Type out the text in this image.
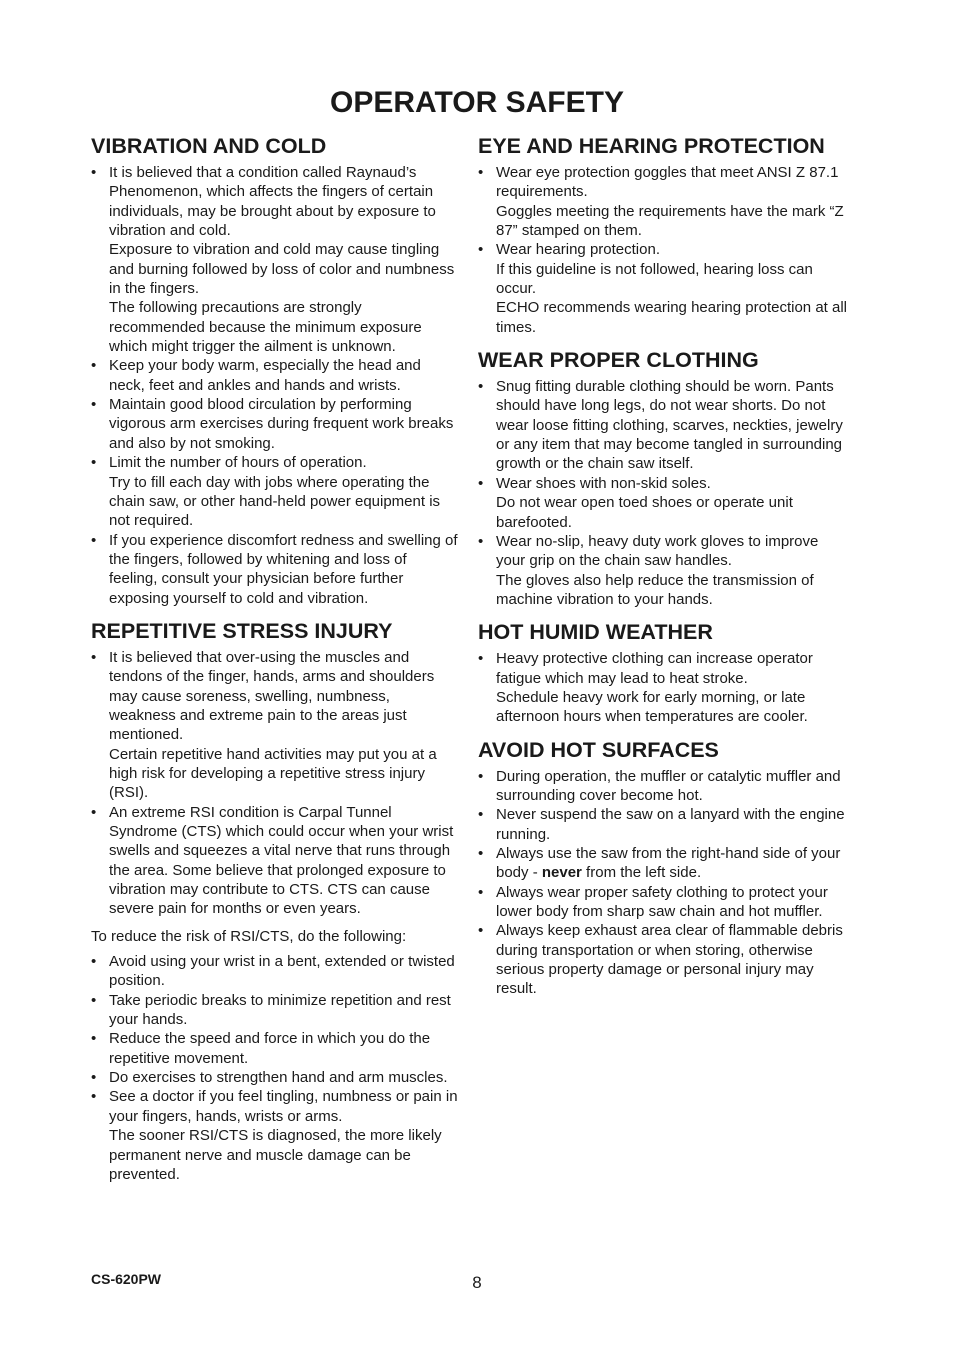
OPERATOR SAFETY
VIBRATION AND COLD
• It is believed that a condition called Raynaud’s Phenomenon, which affects the fingers of certain individuals, may be brought about by exposure to vibration and cold.
Exposure to vibration and cold may cause tingling and burning followed by loss of color and numbness in the fingers.
The following precautions are strongly recommended because the minimum exposure which might trigger the ailment is unknown.
• Keep your body warm, especially the head and neck, feet and ankles and hands and wrists.
• Maintain good blood circulation by performing vigorous arm exercises during frequent work breaks and also by not smoking.
• Limit the number of hours of operation.
Try to fill each day with jobs where operating the chain saw, or other hand-held power equipment is not required.
• If you experience discomfort redness and swelling of the fingers, followed by whitening and loss of feeling, consult your physician before further exposing yourself to cold and vibration.
REPETITIVE STRESS INJURY
• It is believed that over-using the muscles and tendons of the finger, hands, arms and shoulders may cause soreness, swelling, numbness, weakness and extreme pain to the areas just mentioned.
Certain repetitive hand activities may put you at a high risk for developing a repetitive stress injury (RSI).
• An extreme RSI condition is Carpal Tunnel Syndrome (CTS) which could occur when your wrist swells and squeezes a vital nerve that runs through the area. Some believe that prolonged exposure to vibration may contribute to CTS. CTS can cause severe pain for months or even years.

To reduce the risk of RSI/CTS, do the following:

• Avoid using your wrist in a bent, extended or twisted position.
• Take periodic breaks to minimize repetition and rest your hands.
• Reduce the speed and force in which you do the repetitive movement.
• Do exercises to strengthen hand and arm muscles.
• See a doctor if you feel tingling, numbness or pain in your fingers, hands, wrists or arms.
The sooner RSI/CTS is diagnosed, the more likely permanent nerve and muscle damage can be prevented.
EYE AND HEARING PROTECTION
• Wear eye protection goggles that meet ANSI Z 87.1 requirements.
Goggles meeting the requirements have the mark “Z 87” stamped on them.
• Wear hearing protection.
If this guideline is not followed, hearing loss can occur.
ECHO recommends wearing hearing protection at all times.
WEAR PROPER CLOTHING
• Snug fitting durable clothing should be worn. Pants should have long legs, do not wear shorts. Do not wear loose fitting clothing, scarves, neckties, jewelry or any item that may become tangled in surrounding growth or the chain saw itself.
• Wear shoes with non-skid soles.
Do not wear open toed shoes or operate unit barefooted.
• Wear no-slip, heavy duty work gloves to improve your grip on the chain saw handles.
The gloves also help reduce the transmission of machine vibration to your hands.
HOT HUMID WEATHER
• Heavy protective clothing can increase operator fatigue which may lead to heat stroke.
Schedule heavy work for early morning, or late afternoon hours when temperatures are cooler.
AVOID HOT SURFACES
• During operation, the muffler or catalytic muffler and surrounding cover become hot.
• Never suspend the saw on a lanyard with the engine running.
• Always use the saw from the right-hand side of your body - never from the left side.
• Always wear proper safety clothing to protect your lower body from sharp saw chain and hot muffler.
• Always keep exhaust area clear of flammable debris during transportation or when storing, otherwise serious property damage or personal injury may result.
CS-620PW	8
